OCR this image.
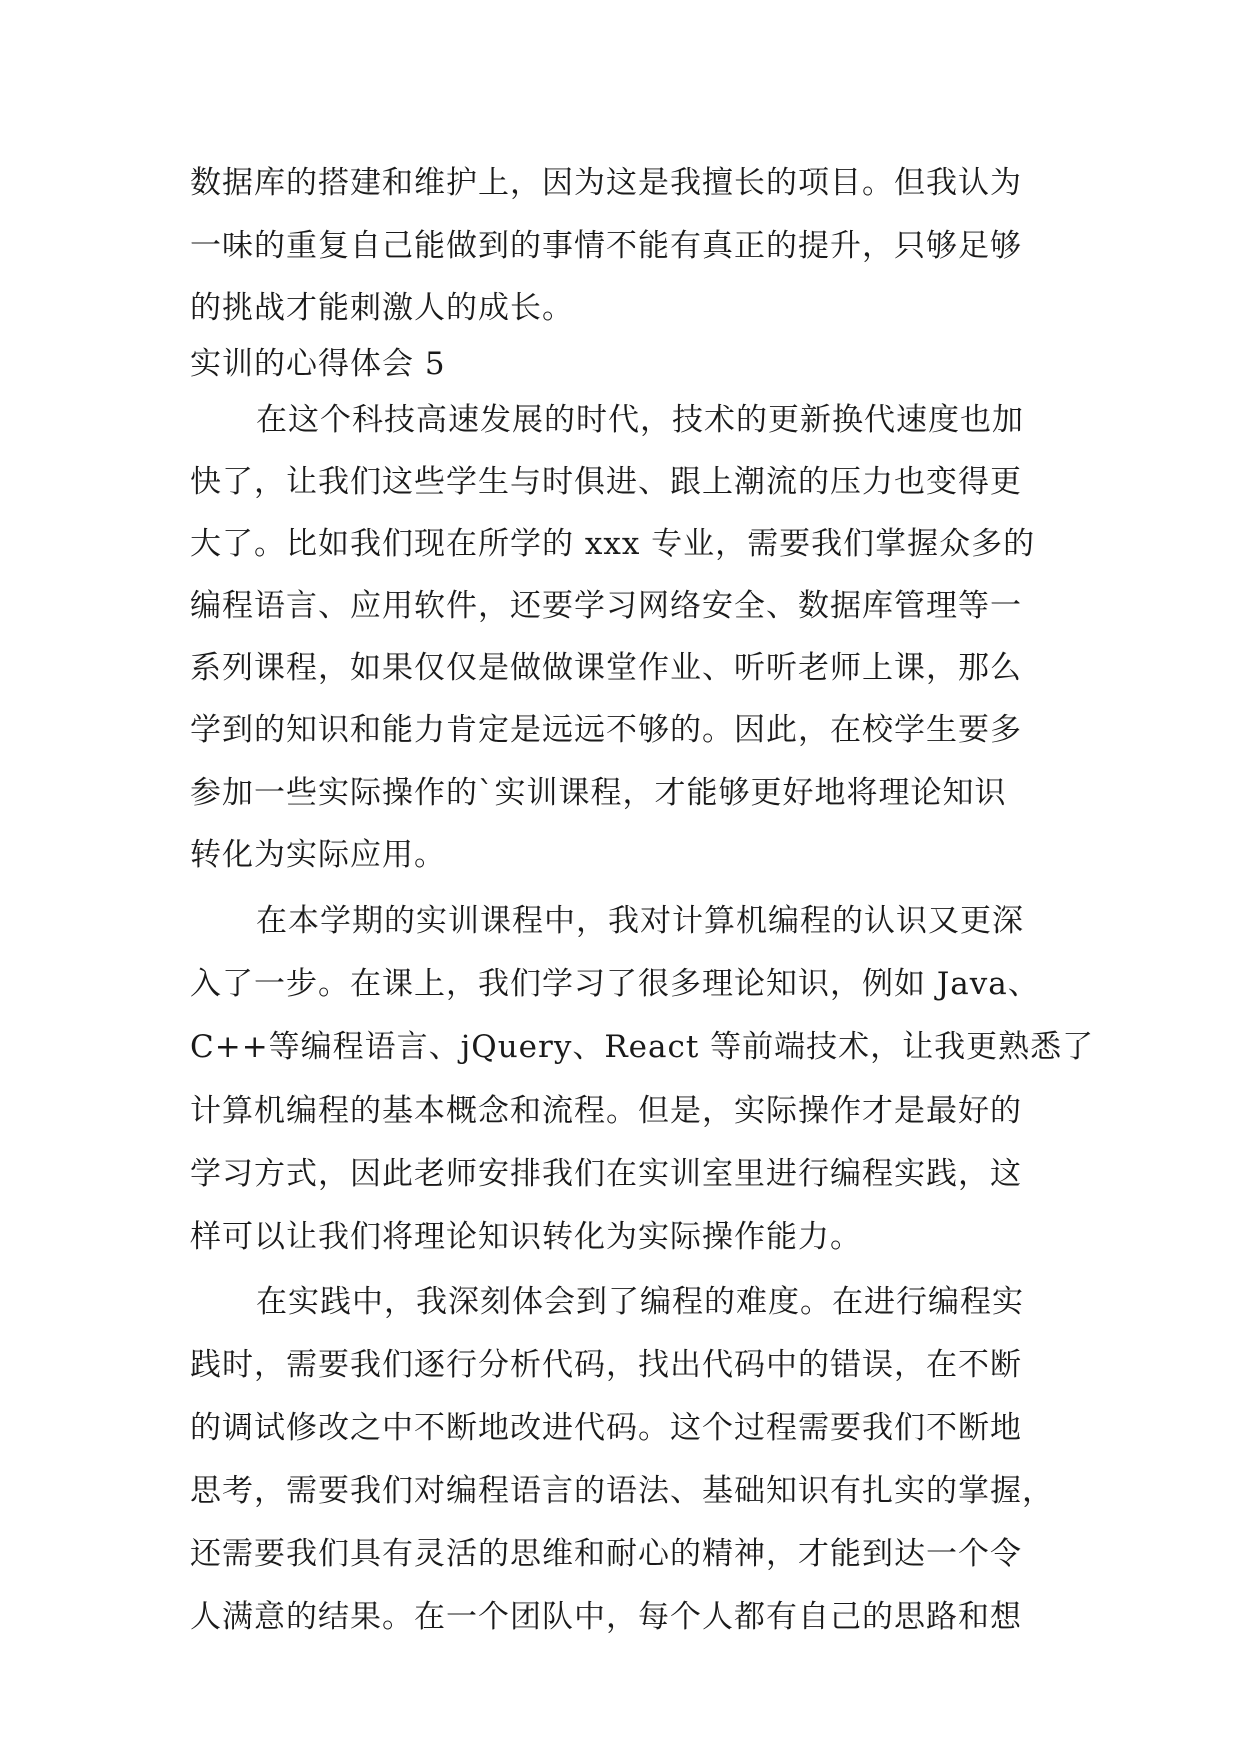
数据库的搭建和维护上，因为这是我擅长的项目。但我认为
一味的重复自己能做到的事情不能有真正的提升，只够足够
的挑战才能刺激人的成长。
实训的心得体会 5
在这个科技高速发展的时代，技术的更新换代速度也加
快了，让我们这些学生与时俱进、跟上潮流的压力也变得更
大了。比如我们现在所学的 xxx 专业，需要我们掌握众多的
编程语言、应用软件，还要学习网络安全、数据库管理等一
系列课程，如果仅仅是做做课堂作业、听听老师上课，那么
学到的知识和能力肯定是远远不够的。因此，在校学生要多
参加一些实际操作的`实训课程，才能够更好地将理论知识
转化为实际应用。
在本学期的实训课程中，我对计算机编程的认识又更深
入了一步。在课上，我们学习了很多理论知识，例如 Java、
C++等编程语言、jQuery、React 等前端技术，让我更熟悉了
计算机编程的基本概念和流程。但是，实际操作才是最好的
学习方式，因此老师安排我们在实训室里进行编程实践，这
样可以让我们将理论知识转化为实际操作能力。
在实践中，我深刻体会到了编程的难度。在进行编程实
践时，需要我们逐行分析代码，找出代码中的错误，在不断
的调试修改之中不断地改进代码。这个过程需要我们不断地
思考，需要我们对编程语言的语法、基础知识有扎实的掌握，
还需要我们具有灵活的思维和耐心的精神，才能到达一个令
人满意的结果。在一个团队中，每个人都有自己的思路和想
